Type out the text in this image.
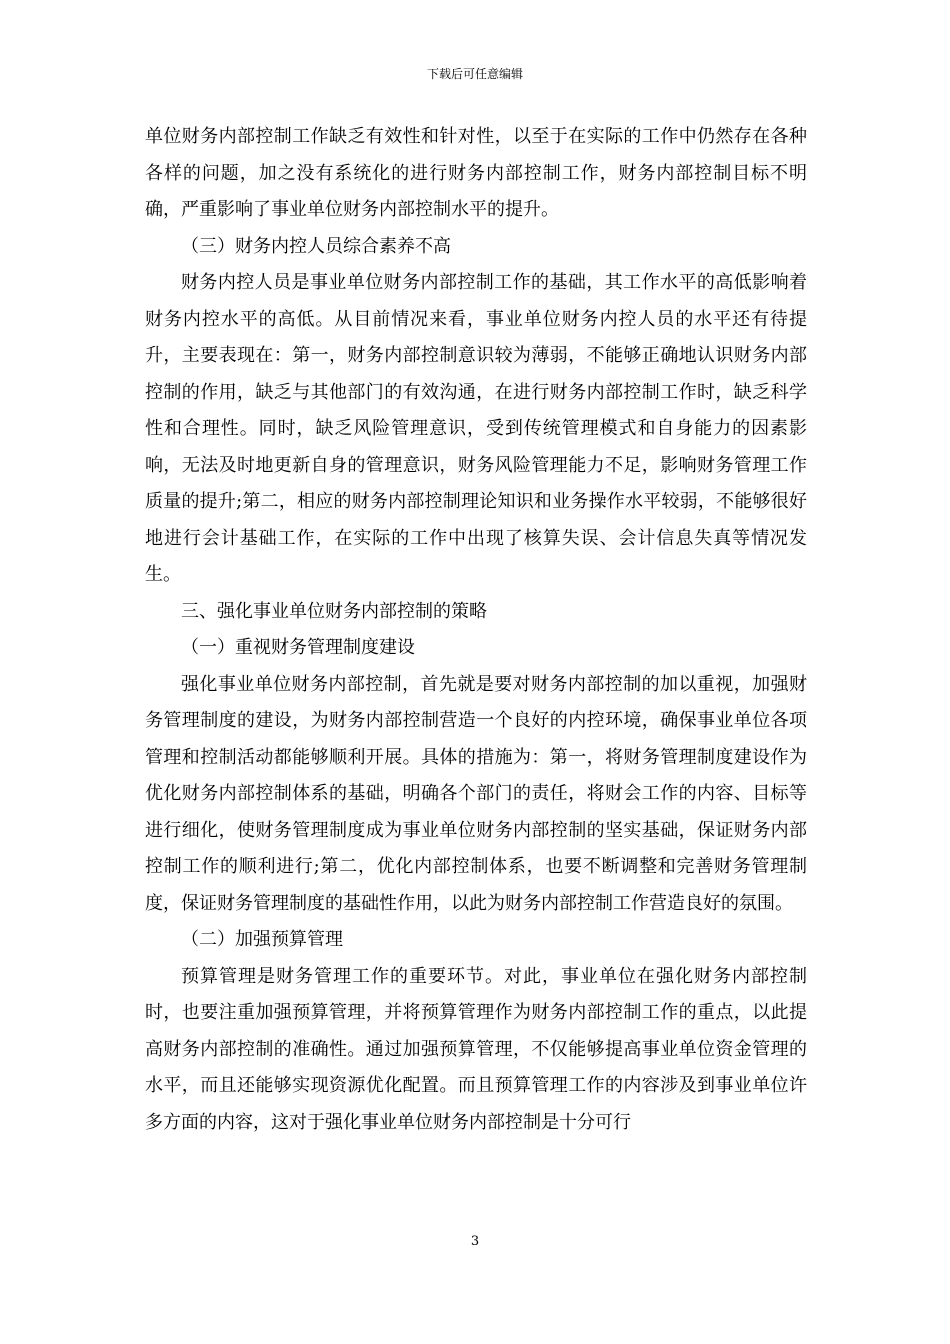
下载后可任意编辑

单位财务内部控制工作缺乏有效性和针对性，以至于在实际的工作中仍然存在各种各样的问题，加之没有系统化的进行财务内部控制工作，财务内部控制目标不明确，严重影响了事业单位财务内部控制水平的提升。

（三）财务内控人员综合素养不高

财务内控人员是事业单位财务内部控制工作的基础，其工作水平的高低影响着财务内控水平的高低。从目前情况来看，事业单位财务内控人员的水平还有待提升，主要表现在：第一，财务内部控制意识较为薄弱，不能够正确地认识财务内部控制的作用，缺乏与其他部门的有效沟通，在进行财务内部控制工作时，缺乏科学性和合理性。同时，缺乏风险管理意识，受到传统管理模式和自身能力的因素影响，无法及时地更新自身的管理意识，财务风险管理能力不足，影响财务管理工作质量的提升;第二，相应的财务内部控制理论知识和业务操作水平较弱，不能够很好地进行会计基础工作，在实际的工作中出现了核算失误、会计信息失真等情况发生。

三、强化事业单位财务内部控制的策略

（一）重视财务管理制度建设

强化事业单位财务内部控制，首先就是要对财务内部控制的加以重视，加强财务管理制度的建设，为财务内部控制营造一个良好的内控环境，确保事业单位各项管理和控制活动都能够顺利开展。具体的措施为：第一，将财务管理制度建设作为优化财务内部控制体系的基础，明确各个部门的责任，将财会工作的内容、目标等进行细化，使财务管理制度成为事业单位财务内部控制的坚实基础，保证财务内部控制工作的顺利进行;第二，优化内部控制体系，也要不断调整和完善财务管理制度，保证财务管理制度的基础性作用，以此为财务内部控制工作营造良好的氛围。

（二）加强预算管理

预算管理是财务管理工作的重要环节。对此，事业单位在强化财务内部控制时，也要注重加强预算管理，并将预算管理作为财务内部控制工作的重点，以此提高财务内部控制的准确性。通过加强预算管理，不仅能够提高事业单位资金管理的水平，而且还能够实现资源优化配置。而且预算管理工作的内容涉及到事业单位许多方面的内容，这对于强化事业单位财务内部控制是十分可行

3
